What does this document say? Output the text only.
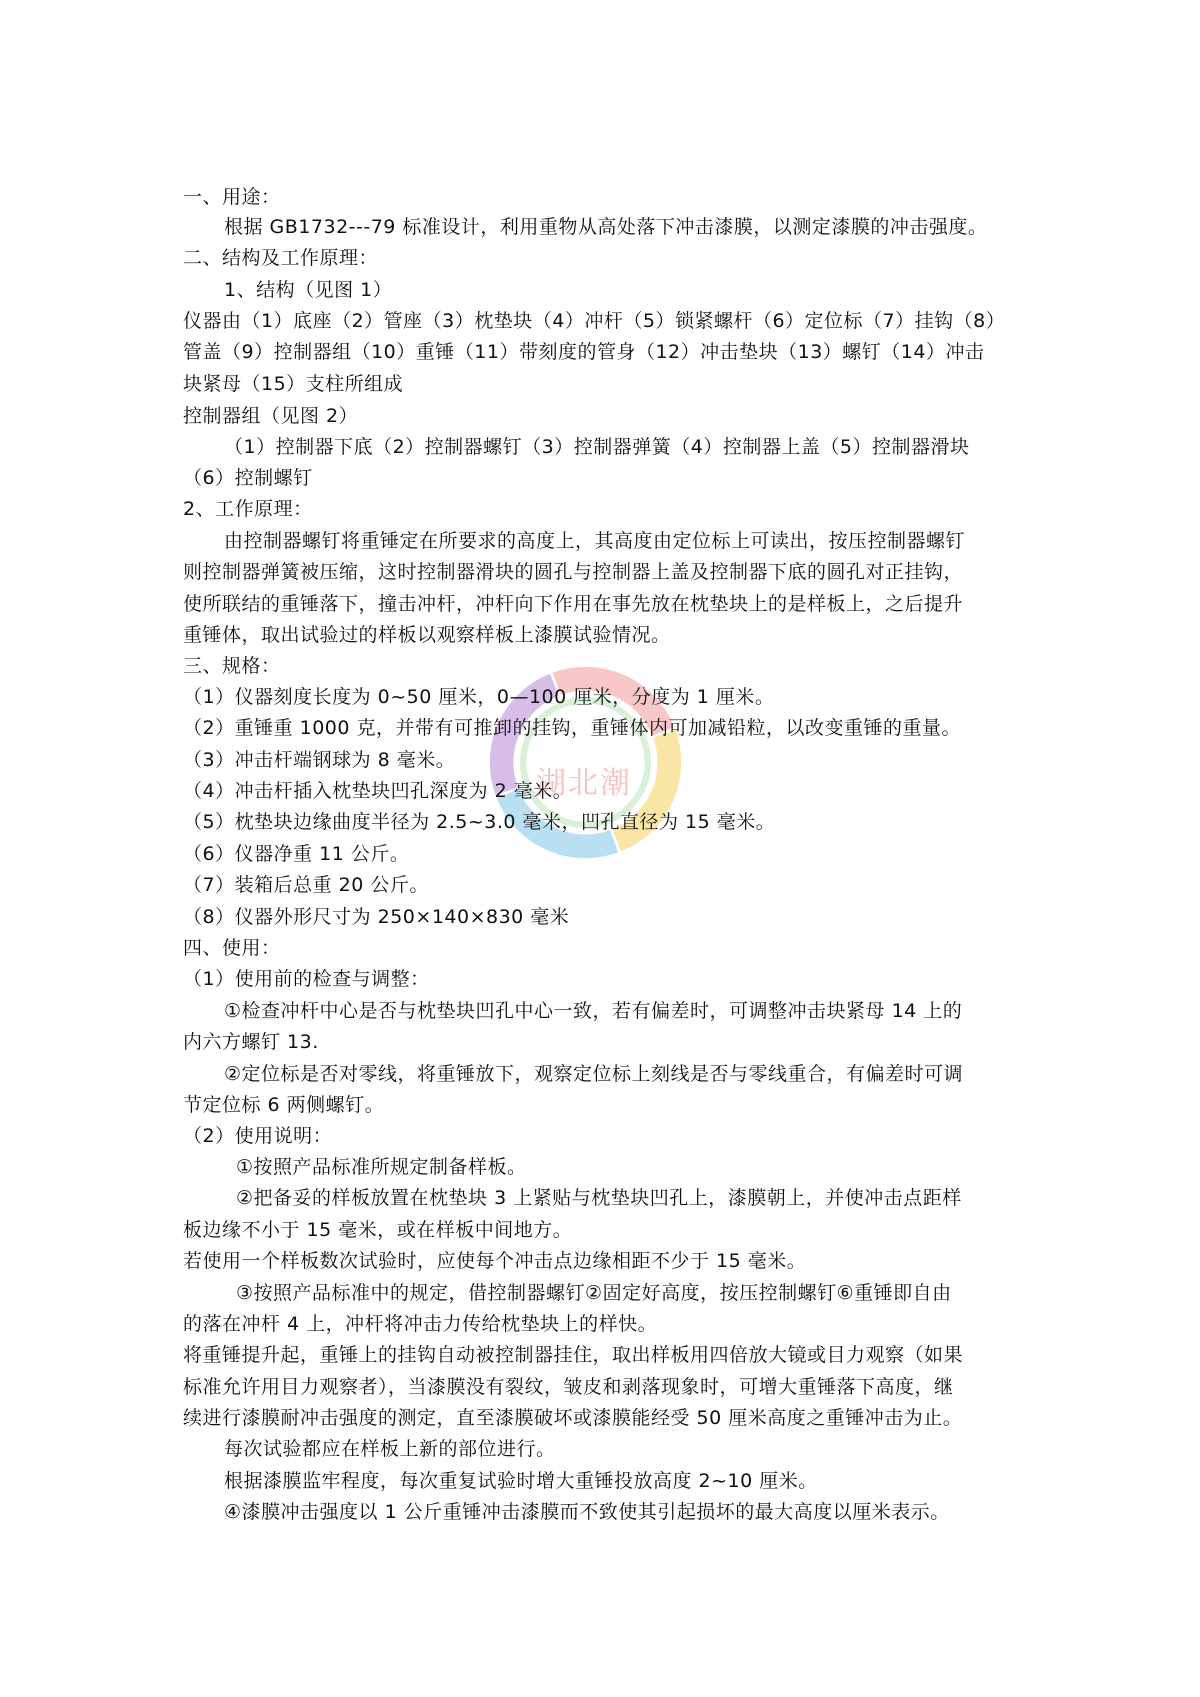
湖北潮
一、用途：
根据 GB1732---79 标准设计，利用重物从高处落下冲击漆膜，以测定漆膜的冲击强度。
二、结构及工作原理：
1、结构（见图 1）
仪器由（1）底座（2）管座（3）枕垫块（4）冲杆（5）锁紧螺杆（6）定位标（7）挂钩（8）
管盖（9）控制器组（10）重锤（11）带刻度的管身（12）冲击垫块（13）螺钉（14）冲击
块紧母（15）支柱所组成
控制器组（见图 2）
（1）控制器下底（2）控制器螺钉（3）控制器弹簧（4）控制器上盖（5）控制器滑块
（6）控制螺钉
2、工作原理：
由控制器螺钉将重锤定在所要求的高度上，其高度由定位标上可读出，按压控制器螺钉
则控制器弹簧被压缩，这时控制器滑块的圆孔与控制器上盖及控制器下底的圆孔对正挂钩，
使所联结的重锤落下，撞击冲杆，冲杆向下作用在事先放在枕垫块上的是样板上，之后提升
重锤体，取出试验过的样板以观察样板上漆膜试验情况。
三、规格：
（1）仪器刻度长度为 0~50 厘米，0—100 厘米，分度为 1 厘米。
（2）重锤重 1000 克，并带有可推卸的挂钩，重锤体内可加减铅粒，以改变重锤的重量。
（3）冲击杆端钢球为 8 毫米。
（4）冲击杆插入枕垫块凹孔深度为 2 毫米。
（5）枕垫块边缘曲度半径为 2.5~3.0 毫米，凹孔直径为 15 毫米。
（6）仪器净重 11 公斤。
（7）装箱后总重 20 公斤。
（8）仪器外形尺寸为 250×140×830 毫米
四、使用：
（1）使用前的检查与调整：
①检查冲杆中心是否与枕垫块凹孔中心一致，若有偏差时，可调整冲击块紧母 14 上的
内六方螺钉 13.
②定位标是否对零线，将重锤放下，观察定位标上刻线是否与零线重合，有偏差时可调
节定位标 6 两侧螺钉。
（2）使用说明：
①按照产品标准所规定制备样板。
②把备妥的样板放置在枕垫块 3 上紧贴与枕垫块凹孔上，漆膜朝上，并使冲击点距样
板边缘不小于 15 毫米，或在样板中间地方。
若使用一个样板数次试验时，应使每个冲击点边缘相距不少于 15 毫米。
③按照产品标准中的规定，借控制器螺钉②固定好高度，按压控制螺钉⑥重锤即自由
的落在冲杆 4 上，冲杆将冲击力传给枕垫块上的样快。
将重锤提升起，重锤上的挂钩自动被控制器挂住，取出样板用四倍放大镜或目力观察（如果
标准允许用目力观察者），当漆膜没有裂纹，皱皮和剥落现象时，可增大重锤落下高度，继
续进行漆膜耐冲击强度的测定，直至漆膜破坏或漆膜能经受 50 厘米高度之重锤冲击为止。
每次试验都应在样板上新的部位进行。
根据漆膜监牢程度，每次重复试验时增大重锤投放高度 2~10 厘米。
④漆膜冲击强度以 1 公斤重锤冲击漆膜而不致使其引起损坏的最大高度以厘米表示。
